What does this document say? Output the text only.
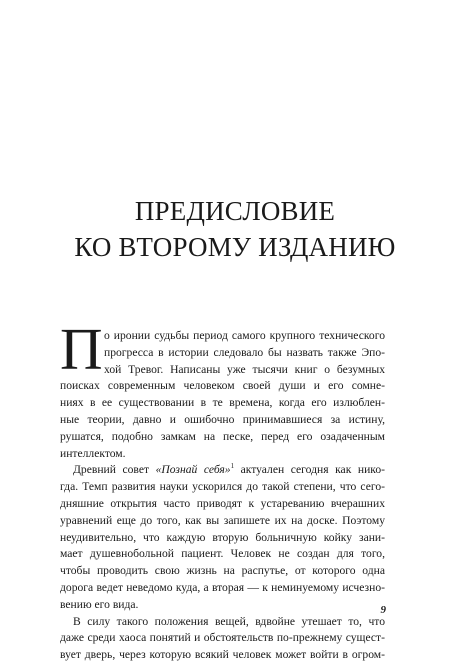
ПРЕДИСЛОВИЕ
КО ВТОРОМУ ИЗДАНИЮ
П о иронии судьбы период самого крупного технического
прогресса в истории следовало бы назвать также Эпо-
хой Тревог. Написаны уже тысячи книг о безумных
поисках современным человеком своей души и его сомне-
ниях в ее существовании в те времена, когда его излюблен-
ные теории, давно и ошибочно принимавшиеся за истину,
рушатся, подобно замкам на песке, перед его озадаченным
интеллектом.
Древний совет «Познай себя»$^1$ актуален сегодня как нико-
гда. Темп развития науки ускорился до такой степени, что сего-
дняшние открытия часто приводят к устареванию вчерашних
уравнений еще до того, как вы запишете их на доске. Поэтому
неудивительно, что каждую вторую больничную койку зани-
мает душевнобольной пациент. Человек не создан для того,
чтобы проводить свою жизнь на распутье, от которого одна
дорога ведет неведомо куда, а вторая — к неминуемому исчезно-
вению его вида.
В силу такого положения вещей, вдвойне утешает то, что
даже среди хаоса понятий и обстоятельств по-прежнему сущест-
вует дверь, через которую всякий человек может войти в огром-
9
